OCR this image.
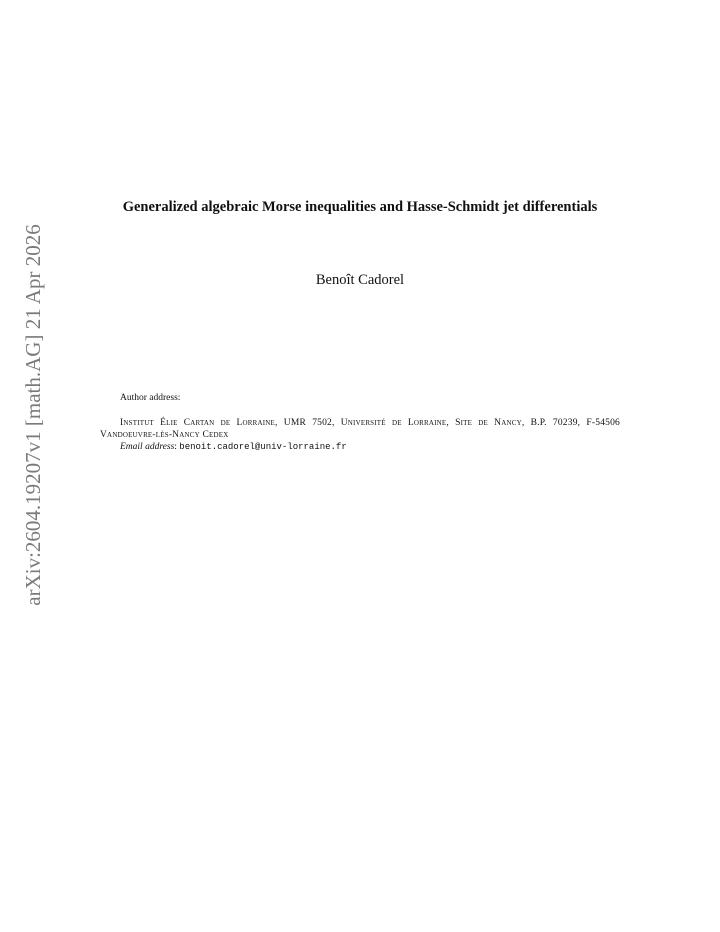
arXiv:2604.19207v1 [math.AG] 21 Apr 2026
Generalized algebraic Morse inequalities and Hasse-Schmidt jet differentials
Benoît Cadorel
Author address:
Institut Élie Cartan de Lorraine, UMR 7502, Université de Lorraine, Site de Nancy, B.P. 70239, F-54506 Vandoeuvre-lès-Nancy Cedex
Email address: benoit.cadorel@univ-lorraine.fr
